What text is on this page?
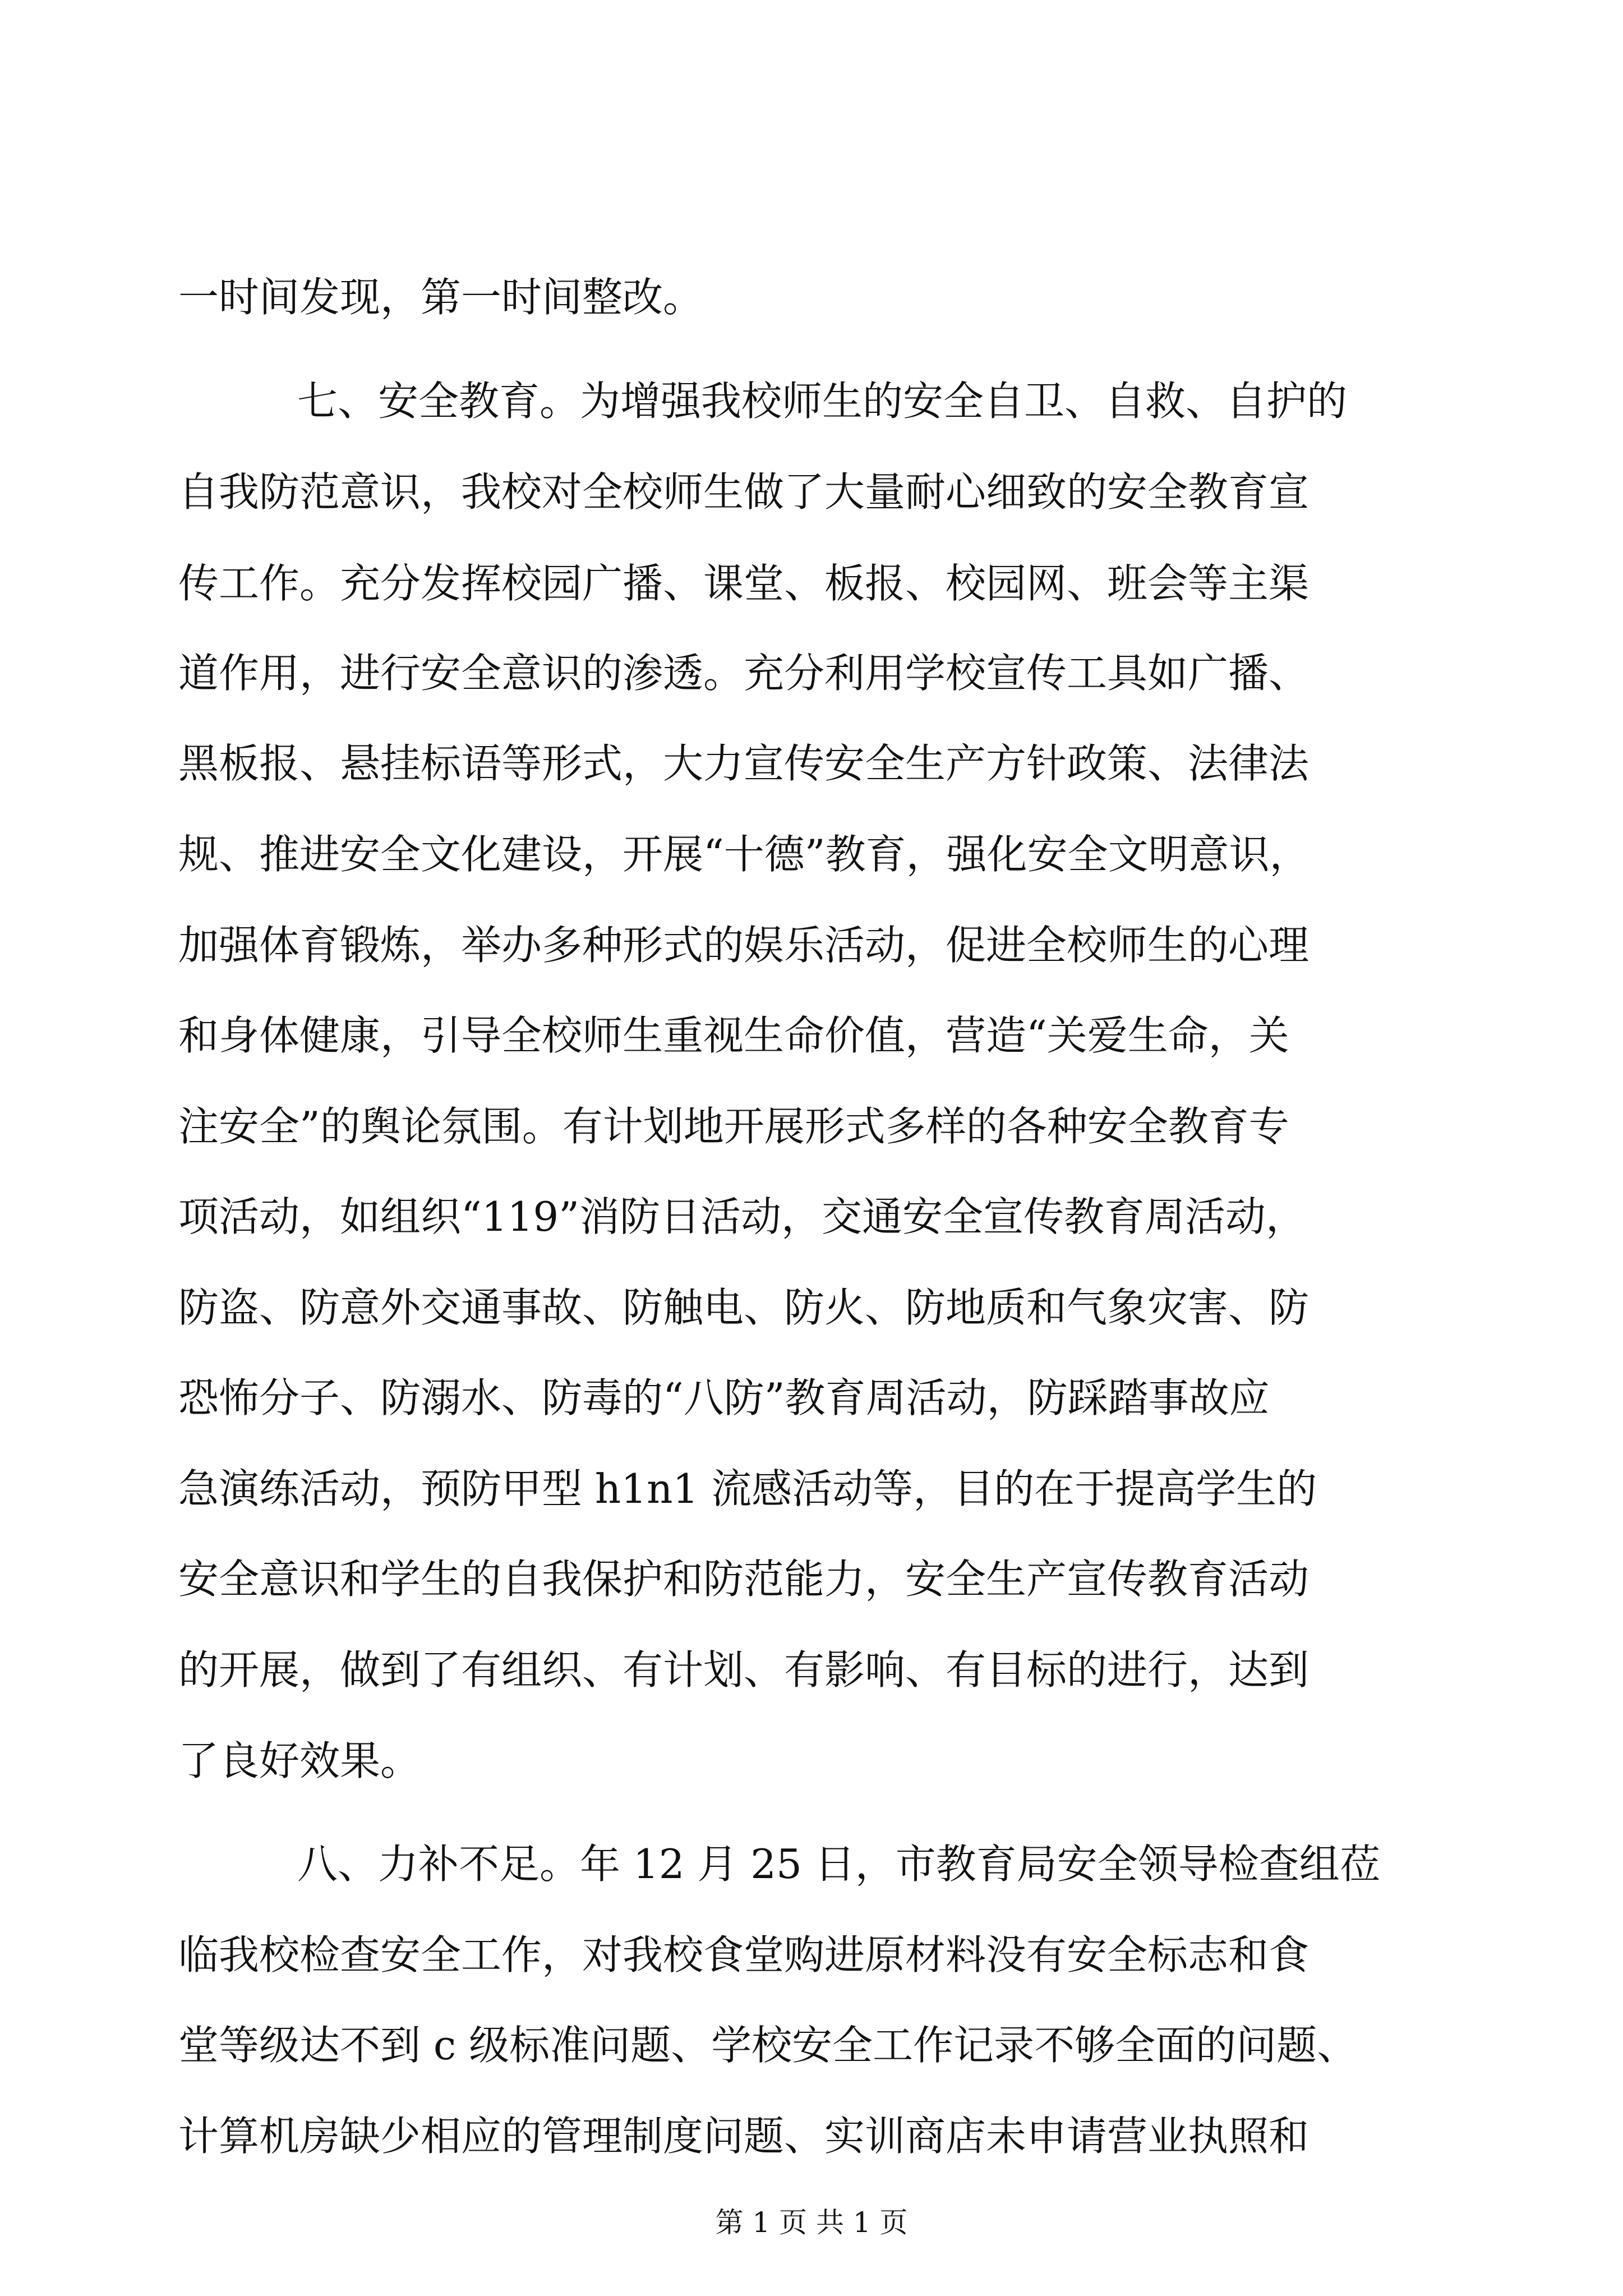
一时间发现，第一时间整改。
七、安全教育。为增强我校师生的安全自卫、自救、自护的
自我防范意识，我校对全校师生做了大量耐心细致的安全教育宣
传工作。充分发挥校园广播、课堂、板报、校园网、班会等主渠
道作用，进行安全意识的渗透。充分利用学校宣传工具如广播、
黑板报、悬挂标语等形式，大力宣传安全生产方针政策、法律法
规、推进安全文化建设，开展“十德”教育，强化安全文明意识，
加强体育锻炼，举办多种形式的娱乐活动，促进全校师生的心理
和身体健康，引导全校师生重视生命价值，营造“关爱生命，关
注安全”的舆论氛围。有计划地开展形式多样的各种安全教育专
项活动，如组织“119”消防日活动，交通安全宣传教育周活动，
防盗、防意外交通事故、防触电、防火、防地质和气象灾害、防
恐怖分子、防溺水、防毒的“八防”教育周活动，防踩踏事故应
急演练活动，预防甲型 h1n1 流感活动等，目的在于提高学生的
安全意识和学生的自我保护和防范能力，安全生产宣传教育活动
的开展，做到了有组织、有计划、有影响、有目标的进行，达到
了良好效果。
八、力补不足。年 12 月 25 日，市教育局安全领导检查组莅
临我校检查安全工作，对我校食堂购进原材料没有安全标志和食
堂等级达不到 c 级标准问题、学校安全工作记录不够全面的问题、
计算机房缺少相应的管理制度问题、实训商店未申请营业执照和
第 1 页 共 1 页
